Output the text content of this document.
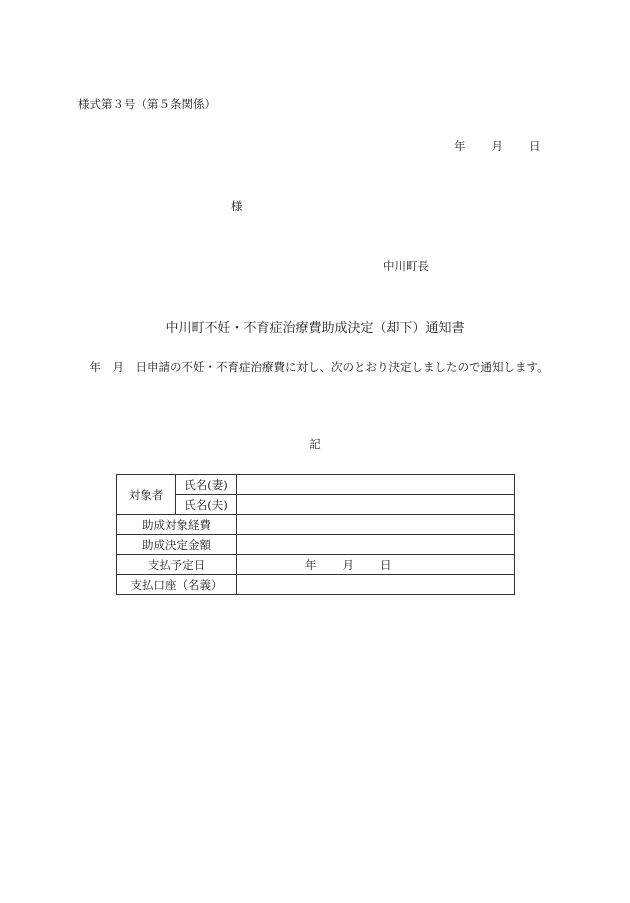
様式第３号（第５条関係）
年 月 日
様
中川町長
中川町不妊・不育症治療費助成決定（却下）通知書
年　月　日申請の不妊・不育症治療費に対し、次のとおり決定しましたので通知します。
記
対象者	氏名(妻)	
	氏名(夫)	
助成対象経費		
助成決定金額		
支払予定日		年 月 日
支払口座（名義）		
